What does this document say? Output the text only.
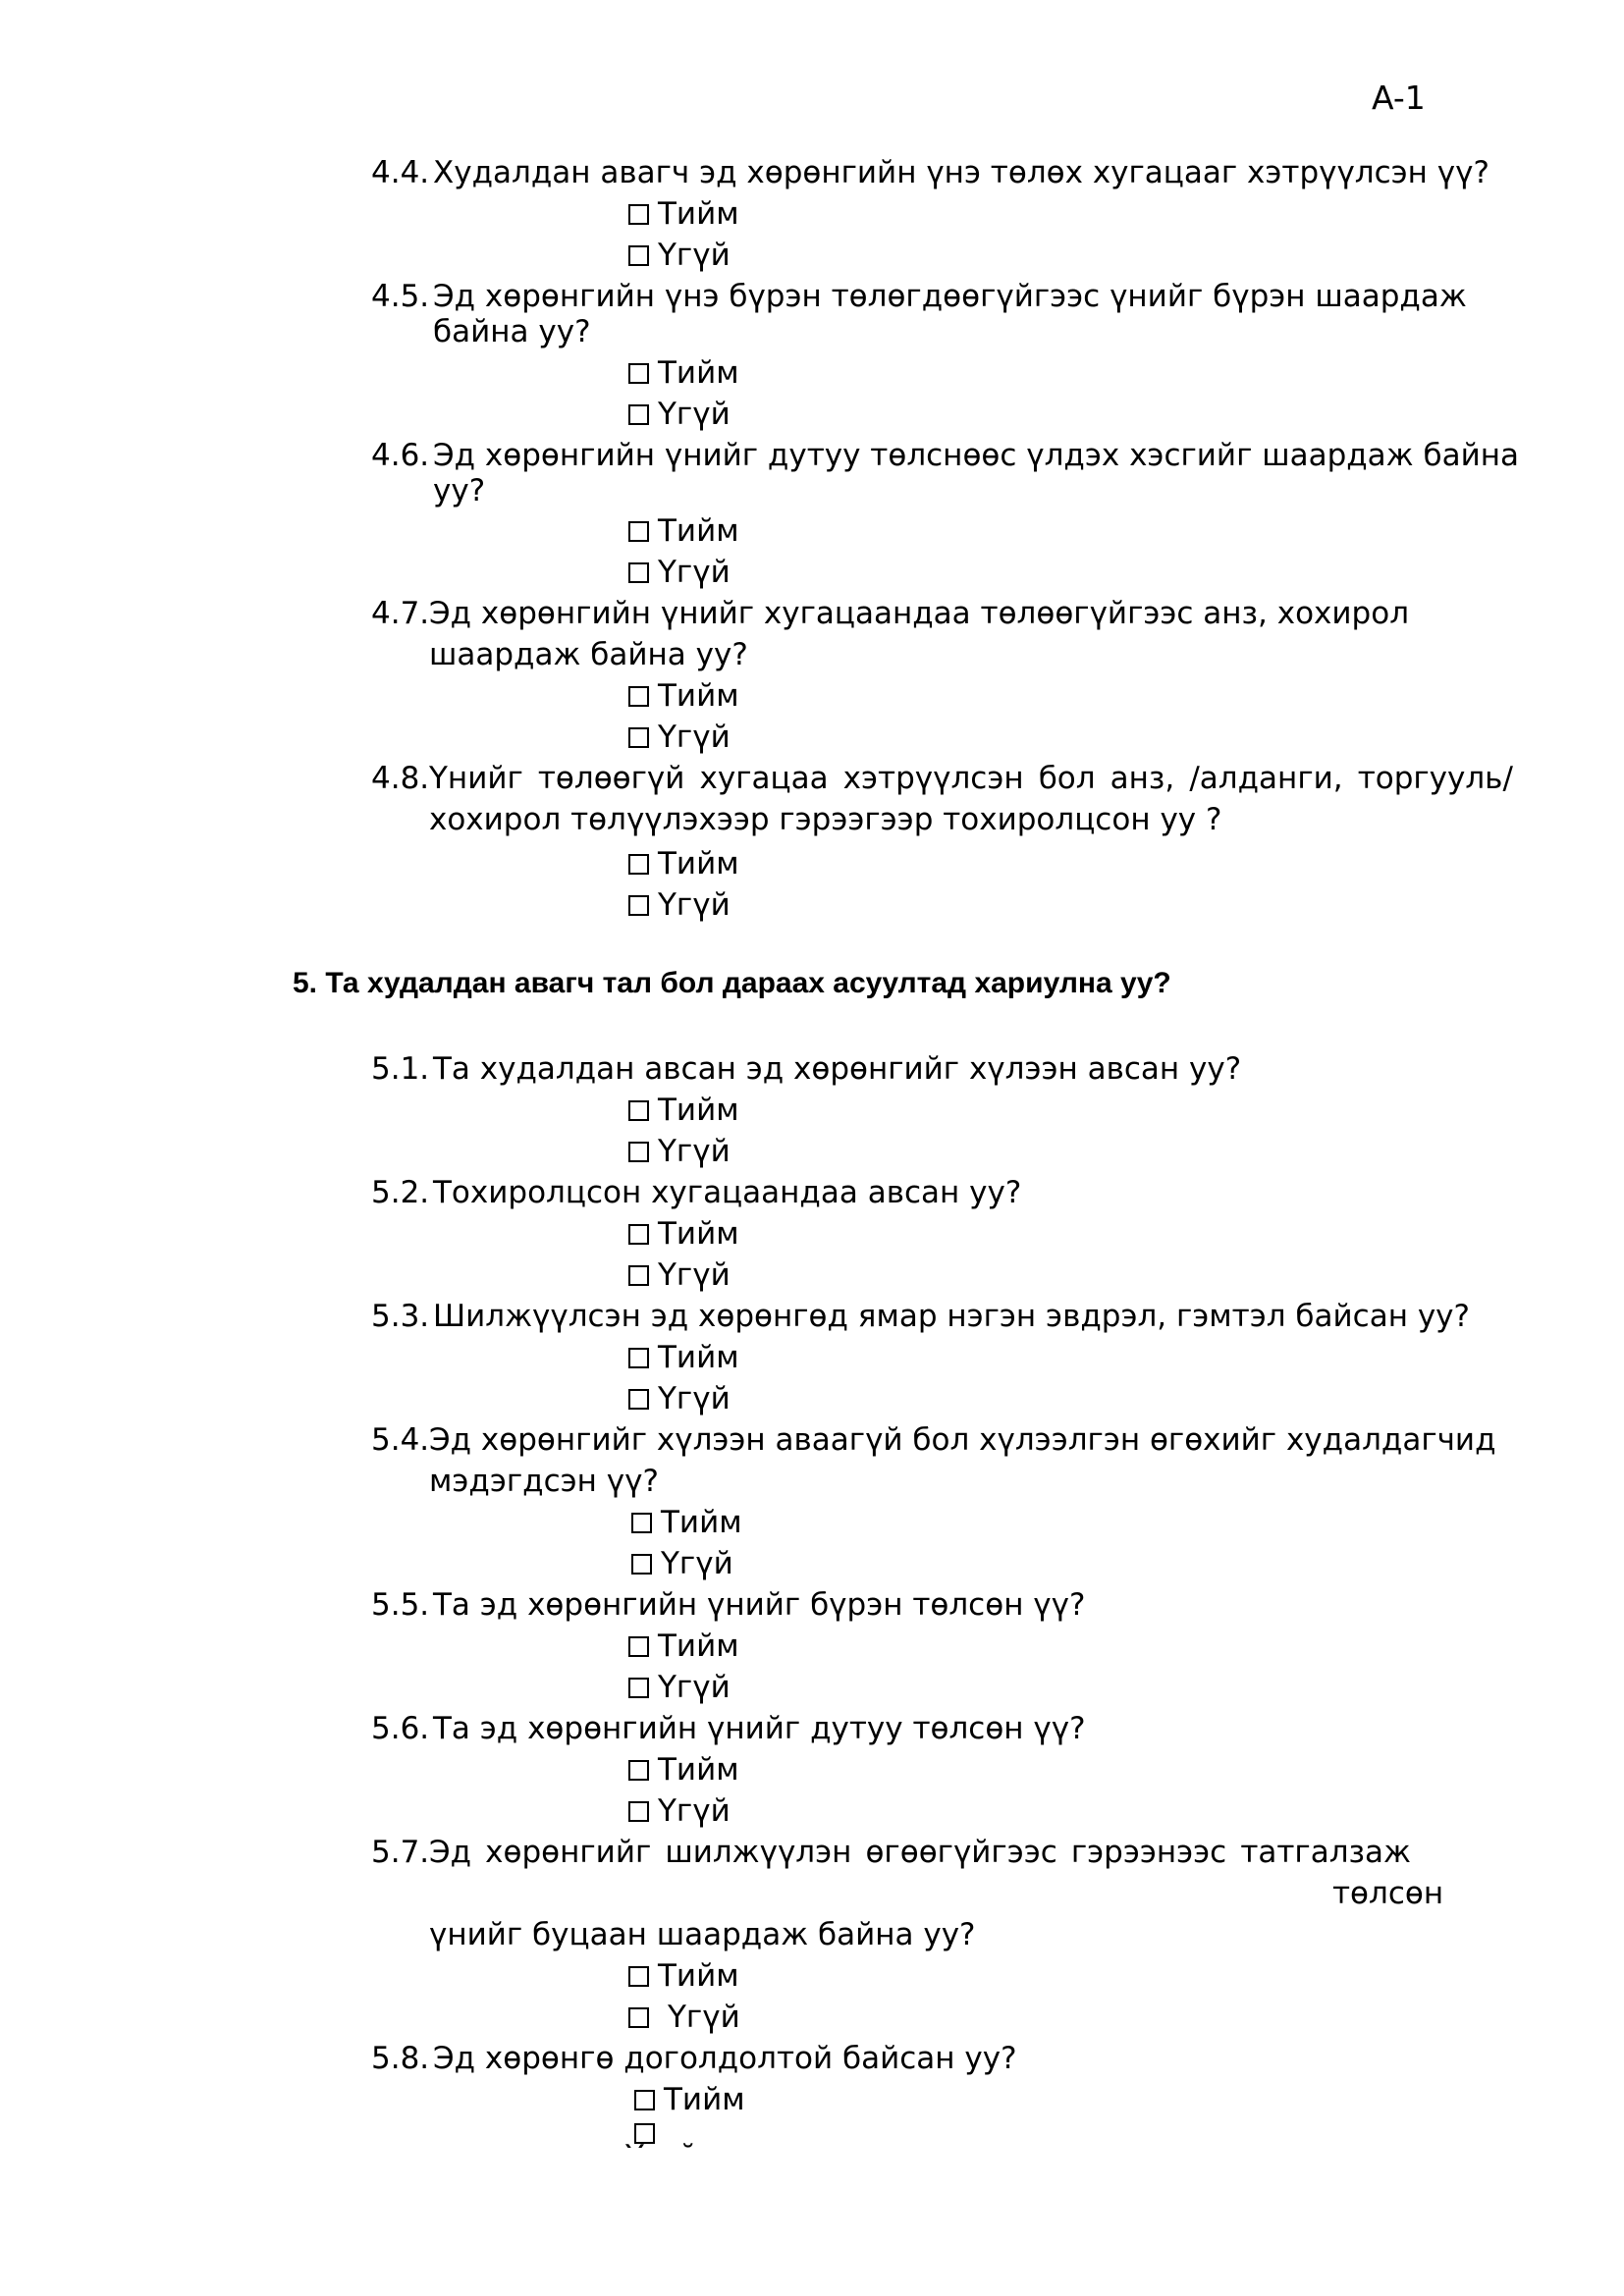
A-1
4.4. Худалдан авагч эд хөрөнгийн үнэ төлөх хугацааг хэтрүүлсэн үү?
Тийм
Үгүй
4.5. Эд хөрөнгийн үнэ бүрэн төлөгдөөгүйгээс үнийг бүрэн шаардаж
байна уу?
Тийм
Үгүй
4.6. Эд хөрөнгийн үнийг дутуу төлснөөс үлдэх хэсгийг шаардаж байна
уу?
Тийм
Үгүй
4.7. Эд хөрөнгийн үнийг хугацаандаа төлөөгүйгээс анз, хохирол
шаардаж байна уу?
Тийм
Үгүй
4.8. Үнийг төлөөгүй хугацаа хэтрүүлсэн бол анз, /алданги, торгууль/
хохирол төлүүлэхээр гэрээгээр тохиролцсон уу ?
Тийм
Үгүй
5. Та худалдан авагч тал бол дараах асуултад хариулна уу?
5.1. Та худалдан авсан эд хөрөнгийг хүлээн авсан уу?
Тийм
Үгүй
5.2. Тохиролцсон хугацаандаа авсан уу?
Тийм
Үгүй
5.3. Шилжүүлсэн эд хөрөнгөд ямар нэгэн эвдрэл, гэмтэл байсан уу?
Тийм
Үгүй
5.4. Эд хөрөнгийг хүлээн аваагүй бол хүлээлгэн өгөхийг худалдагчид
мэдэгдсэн үү?
Тийм
Үгүй
5.5. Та эд хөрөнгийн үнийг бүрэн төлсөн үү?
Тийм
Үгүй
5.6. Та эд хөрөнгийн үнийг дутуу төлсөн үү?
Тийм
Үгүй
5.7. Эд хөрөнгийг шилжүүлэн өгөөгүйгээс гэрээнээс татгалзаж
төлсөн
үнийг буцаан шаардаж байна уу?
Тийм
Үгүй
5.8. Эд хөрөнгө доголдолтой байсан уу?
Тийм
